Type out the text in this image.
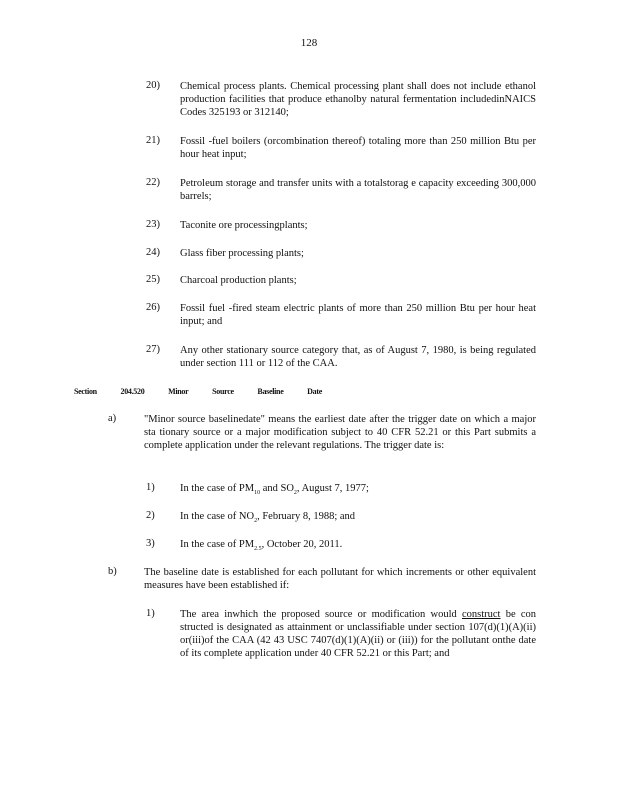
128
20) Chemical process plants. Chemical processing plant shall does not include ethanol production facilities that produce ethanolby natural fermentation includedinNAICS Codes 325193 or 312140;
21) Fossil -fuel boilers (orcombination thereof) totaling more than 250 million Btu per hour heat input;
22) Petroleum storage and transfer units with a totalstorag e capacity exceeding 300,000 barrels;
23) Taconite ore processingplants;
24) Glass fiber processing plants;
25) Charcoal production plants;
26) Fossil fuel -fired steam electric plants of more than 250 million Btu per hour heat input; and
27) Any other stationary source category that, as of August 7, 1980, is being regulated under section 111 or 112 of the CAA.
Section	204.520	Minor	Source	Baseline	Date
a)	"Minor source baselinedate" means the earliest date after the trigger date on which a major sta tionary source or a major modification subject to 40 CFR 52.21 or this Part submits a complete application under the relevant regulations. The trigger date is:
1) In the case of $PM_{10}$ and $SO_2$, August 7, 1977;
2) In the case of $NO_2$, February 8, 1988; and
3) In the case of $PM_{2.5}$, October 20, 2011.
b)	The baseline date is established for each pollutant for which increments or other equivalent measures have been established if:
1) The area inwhich the proposed source or modification would construct be con structed is designated as attainment or unclassifiable under section 107(d)(1)(A)(ii) or(iii)of the CAA (42 43 USC 7407(d)(1)(A)(ii) or (iii)) for the pollutant onthe date of its complete application under 40 CFR 52.21 or this Part; and
